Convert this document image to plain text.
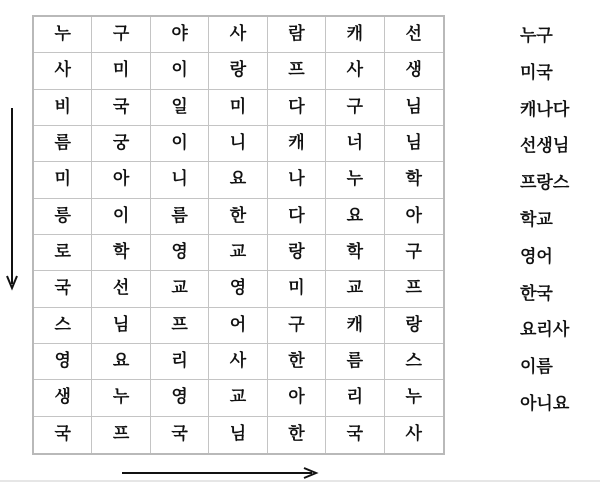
누	구	야	사	람	캐	선
사	미	이	랑	프	사	생
비	국	일	미	다	구	님
름	궁	이	니	캐	너	님
미	아	니	요	나	누	학
릉	이	름	한	다	요	아
로	학	영	교	랑	학	구
국	선	교	영	미	교	프
스	님	프	어	구	캐	랑
영	요	리	사	한	름	스
생	누	영	교	아	리	누
국	프	국	님	한	국	사
누구
미국
캐나다
선생님
프랑스
학교
영어
한국
요리사
이름
아니요
